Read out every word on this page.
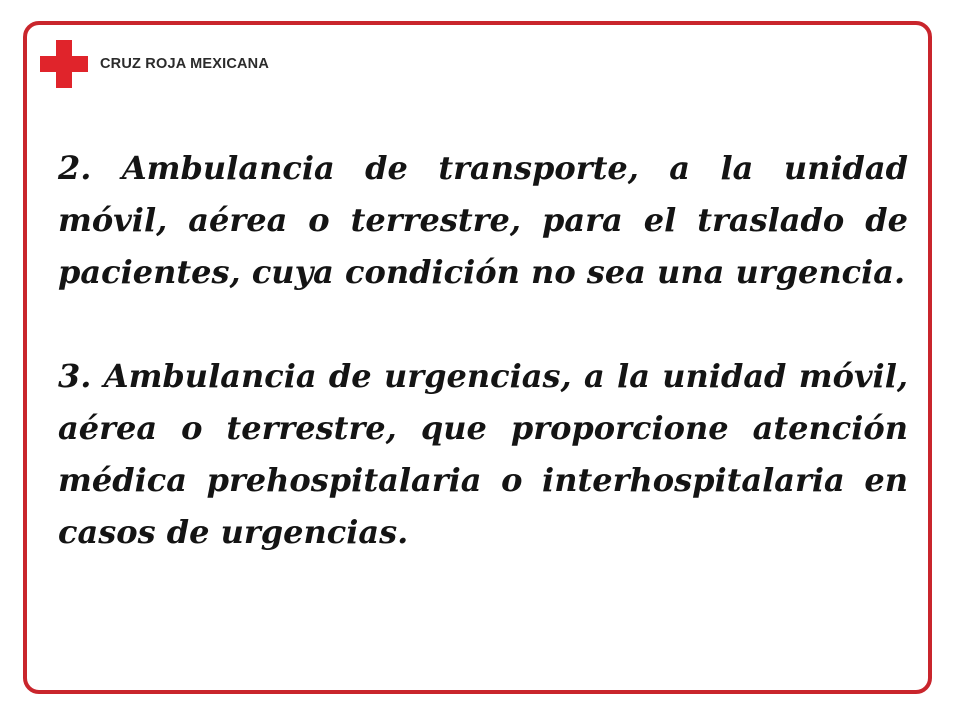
CRUZ ROJA MEXICANA

2. Ambulancia de transporte, a la unidad móvil, aérea o terrestre, para el traslado de pacientes, cuya condición no sea una urgencia.

3. Ambulancia de urgencias, a la unidad móvil, aérea o terrestre, que proporcione atención médica prehospitalaria o interhospitalaria en casos de urgencias.
